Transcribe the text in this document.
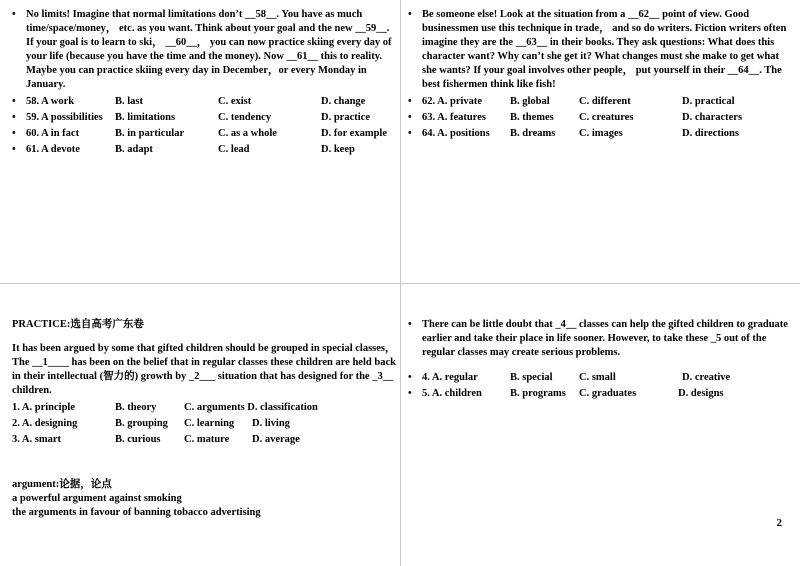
• No limits! Imagine that normal limitations don’t __58__. You have as much time/space/money， etc. as you want. Think about your goal and the new __59__. If your goal is to learn to ski， __60__， you can now practice skiing every day of your life (because you have the time and the money). Now __61__ this to reality. Maybe you can practice skiing every day in December，or every Monday in January.

• 58. A work	B. last	C. exist	D. change
• 59. A possibilities B. limitations	C. tendency	D. practice
• 60. A in fact	B. in particular	C. as a whole	D. for example
• 61. A devote	B. adapt	C. lead	D. keep

• Be someone else! Look at the situation from a __62__ point of view. Good businessmen use this technique in trade， and so do writers. Fiction writers often imagine they are the __63__ in their books. They ask questions: What does this character want? Why can’t she get it? What changes must she make to get what she wants? If your goal involves other people， put yourself in their __64__. The best fishermen think like fish!

• 62. A. private	B. global	C. different	D. practical
• 63. A. features B. themes C. creatures	D. characters
• 64. A. positions B. dreams C. images	D. directions

PRACTICE:选自高考广东卷

It has been argued by some that gifted children should be grouped in special classes， The __1____ has been on the belief that in regular classes these children are held back in their intellectual (智力的) growth by _2___ situation that has designed for the _3__ children.

1. A. principle	B. theory	C. arguments D. classification
2. A. designing	B. grouping C. learning D. living
3. A. smart	B. curious C. mature D. average

argument:论据，论点

a powerful argument against smoking

the arguments in favour of banning tobacco advertising

• There can be little doubt that _4__ classes can help the gifted children to graduate earlier and take their place in life sooner. However, to take these _5 out of the regular classes may create serious problems.

• 4. A. regular	B. special	C. small	D. creative
• 5. A. children	B. programs C. graduates	D. designs
2
